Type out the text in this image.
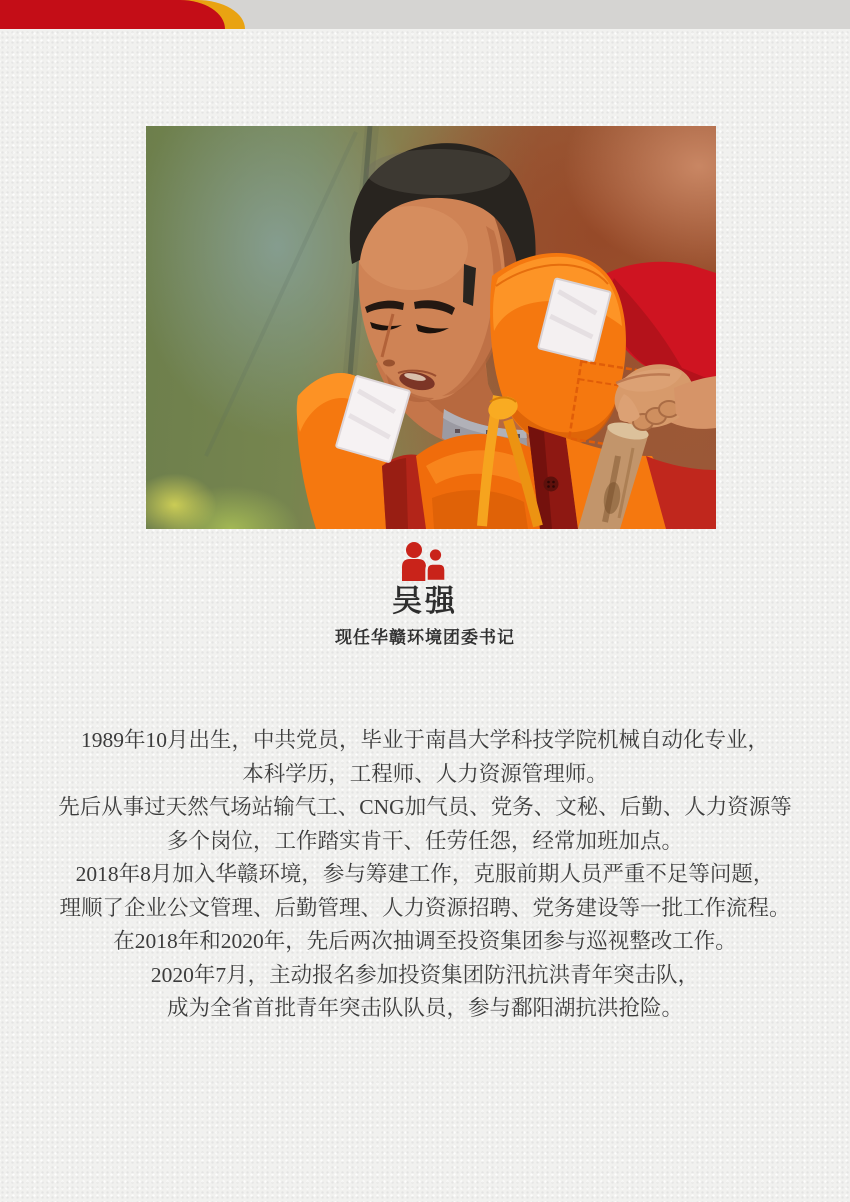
吴强
现任华赣环境团委书记

1989年10月出生，中共党员，毕业于南昌大学科技学院机械自动化专业，

本科学历，工程师、人力资源管理师。

先后从事过天然气场站输气工、CNG加气员、党务、文秘、后勤、人力资源等

多个岗位，工作踏实肯干、任劳任怨，经常加班加点。

2018年8月加入华赣环境，参与筹建工作，克服前期人员严重不足等问题，

理顺了企业公文管理、后勤管理、人力资源招聘、党务建设等一批工作流程。

在2018年和2020年，先后两次抽调至投资集团参与巡视整改工作。

2020年7月，主动报名参加投资集团防汛抗洪青年突击队，

成为全省首批青年突击队队员，参与鄱阳湖抗洪抢险。
